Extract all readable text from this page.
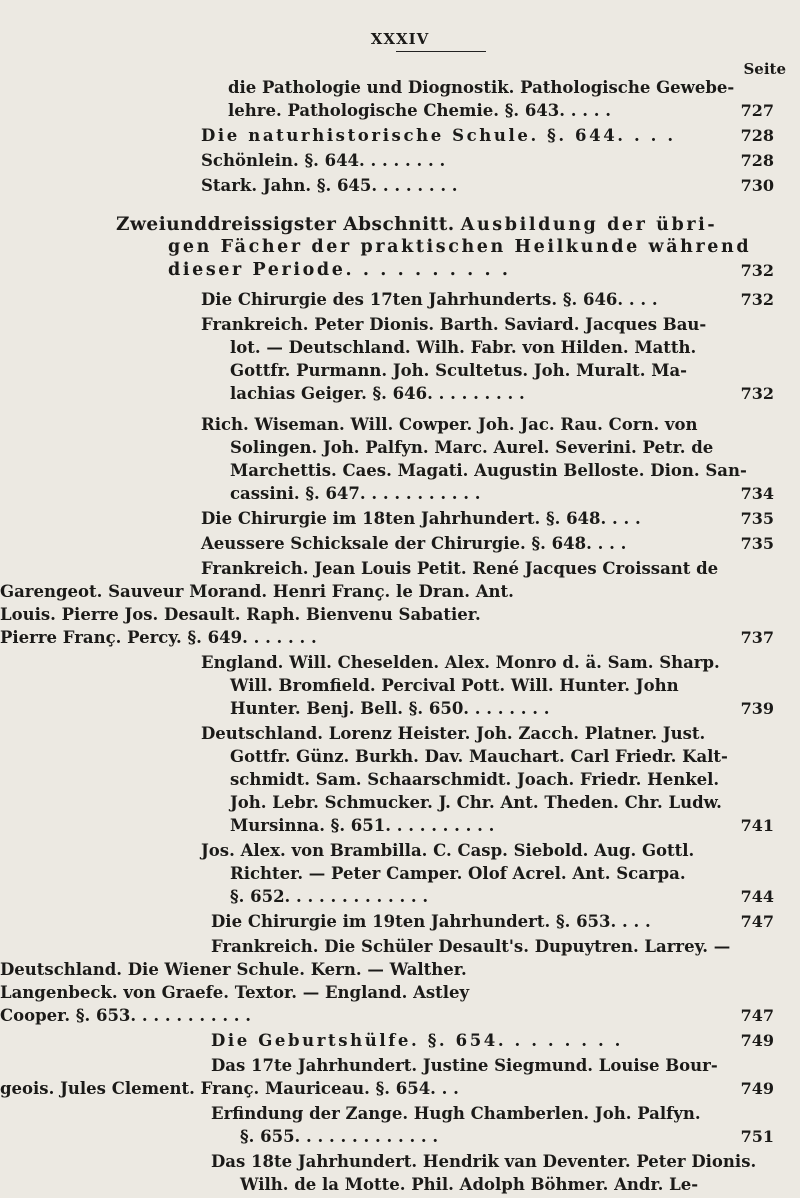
XXXIV
Seite
die Pathologie und Diognostik. Pathologische Gewebe-
lehre. Pathologische Chemie. §. 643. . . . .	727
Die naturhistorische Schule. §. 644. . . .	728
Schönlein. §. 644. . . . . . . .	728
Stark. Jahn. §. 645. . . . . . . .	730
Zweiunddreissigster Abschnitt. Ausbildung der übri-
gen Fächer der praktischen Heilkunde während
dieser Periode. . . . . . . . . .	732
Die Chirurgie des 17ten Jahrhunderts. §. 646. . . .	732
Frankreich. Peter Dionis. Barth. Saviard. Jacques Bau-
lot. — Deutschland. Wilh. Fabr. von Hilden. Matth.
Gottfr. Purmann. Joh. Scultetus. Joh. Muralt. Ma-
lachias Geiger. §. 646. . . . . . . . .	732
Rich. Wiseman. Will. Cowper. Joh. Jac. Rau. Corn. von
Solingen. Joh. Palfyn. Marc. Aurel. Severini. Petr. de
Marchettis. Caes. Magati. Augustin Belloste. Dion. San-
cassini. §. 647. . . . . . . . . . .	734
Die Chirurgie im 18ten Jahrhundert. §. 648. . . .	735
Aeussere Schicksale der Chirurgie. §. 648. . . .	735
Frankreich. Jean Louis Petit. René Jacques Croissant de
Garengeot. Sauveur Morand. Henri Franç. le Dran. Ant.
Louis. Pierre Jos. Desault. Raph. Bienvenu Sabatier.
Pierre Franç. Percy. §. 649. . . . . . .	737
England. Will. Cheselden. Alex. Monro d. ä. Sam. Sharp.
Will. Bromfield. Percival Pott. Will. Hunter. John
Hunter. Benj. Bell. §. 650. . . . . . . .	739
Deutschland. Lorenz Heister. Joh. Zacch. Platner. Just.
Gottfr. Günz. Burkh. Dav. Mauchart. Carl Friedr. Kalt-
schmidt. Sam. Schaarschmidt. Joach. Friedr. Henkel.
Joh. Lebr. Schmucker. J. Chr. Ant. Theden. Chr. Ludw.
Mursinna. §. 651. . . . . . . . . .	741
Jos. Alex. von Brambilla. C. Casp. Siebold. Aug. Gottl.
Richter. — Peter Camper. Olof Acrel. Ant. Scarpa.
§. 652. . . . . . . . . . . . .	744
Die Chirurgie im 19ten Jahrhundert. §. 653. . . .	747
Frankreich. Die Schüler Desault's. Dupuytren. Larrey. —
Deutschland. Die Wiener Schule. Kern. — Walther.
Langenbeck. von Graefe. Textor. — England. Astley
Cooper. §. 653. . . . . . . . . . .	747
Die Geburtshülfe. §. 654. . . . . . . .	749
Das 17te Jahrhundert. Justine Siegmund. Louise Bour-
geois. Jules Clement. Franç. Mauriceau. §. 654. . .	749
Erfindung der Zange. Hugh Chamberlen. Joh. Palfyn.
§. 655. . . . . . . . . . . . .	751
Das 18te Jahrhundert. Hendrik van Deventer. Peter Dionis.
Wilh. de la Motte. Phil. Adolph Böhmer. Andr. Le-
